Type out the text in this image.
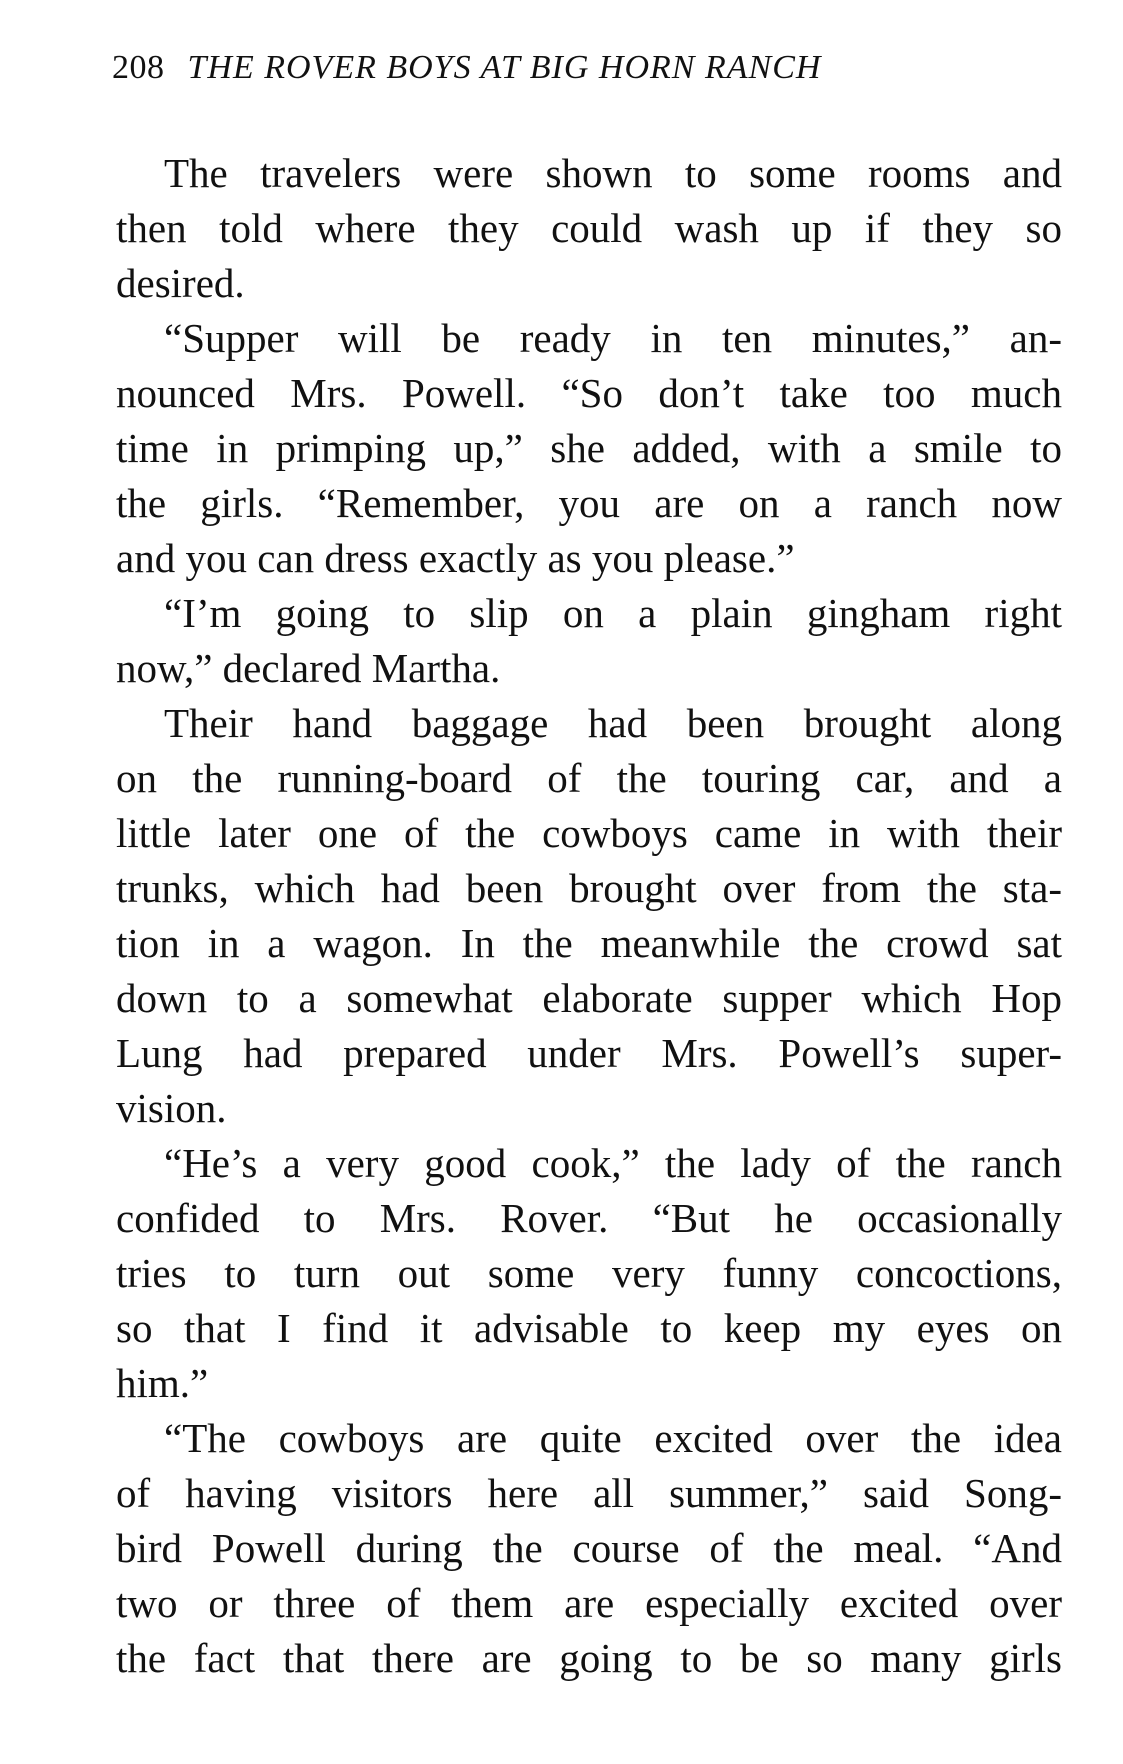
208 THE ROVER BOYS AT BIG HORN RANCH
The travelers were shown to some rooms and
then told where they could wash up if they so
desired.
“Supper will be ready in ten minutes,” an-
nounced Mrs. Powell. “So don’t take too much
time in primping up,” she added, with a smile to
the girls. “Remember, you are on a ranch now
and you can dress exactly as you please.”
“I’m going to slip on a plain gingham right
now,” declared Martha.
Their hand baggage had been brought along
on the running-board of the touring car, and a
little later one of the cowboys came in with their
trunks, which had been brought over from the sta-
tion in a wagon. In the meanwhile the crowd sat
down to a somewhat elaborate supper which Hop
Lung had prepared under Mrs. Powell’s super-
vision.
“He’s a very good cook,” the lady of the ranch
confided to Mrs. Rover. “But he occasionally
tries to turn out some very funny concoctions,
so that I find it advisable to keep my eyes on
him.”
“The cowboys are quite excited over the idea
of having visitors here all summer,” said Song-
bird Powell during the course of the meal. “And
two or three of them are especially excited over
the fact that there are going to be so many girls
